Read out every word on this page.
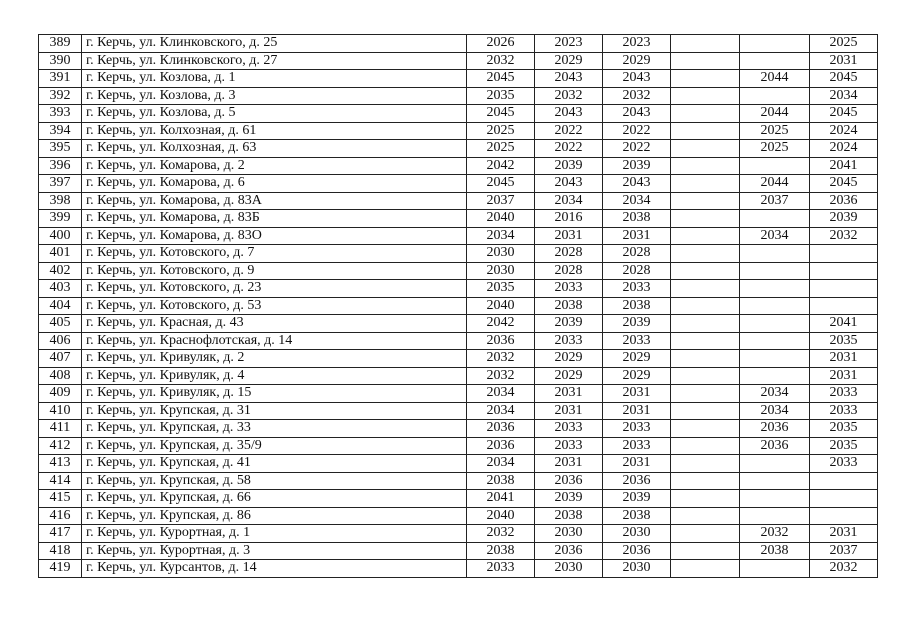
389	г. Керчь, ул. Клинковского, д. 25	2026	2023	2023			2025
390	г. Керчь, ул. Клинковского, д. 27	2032	2029	2029			2031
391	г. Керчь, ул. Козлова, д. 1	2045	2043	2043		2044	2045
392	г. Керчь, ул. Козлова, д. 3	2035	2032	2032			2034
393	г. Керчь, ул. Козлова, д. 5	2045	2043	2043		2044	2045
394	г. Керчь, ул. Колхозная, д. 61	2025	2022	2022		2025	2024
395	г. Керчь, ул. Колхозная, д. 63	2025	2022	2022		2025	2024
396	г. Керчь, ул. Комарова, д. 2	2042	2039	2039			2041
397	г. Керчь, ул. Комарова, д. 6	2045	2043	2043		2044	2045
398	г. Керчь, ул. Комарова, д. 83А	2037	2034	2034		2037	2036
399	г. Керчь, ул. Комарова, д. 83Б	2040	2016	2038			2039
400	г. Керчь, ул. Комарова, д. 83О	2034	2031	2031		2034	2032
401	г. Керчь, ул. Котовского, д. 7	2030	2028	2028			
402	г. Керчь, ул. Котовского, д. 9	2030	2028	2028			
403	г. Керчь, ул. Котовского, д. 23	2035	2033	2033			
404	г. Керчь, ул. Котовского, д. 53	2040	2038	2038			
405	г. Керчь, ул. Красная, д. 43	2042	2039	2039			2041
406	г. Керчь, ул. Краснофлотская, д. 14	2036	2033	2033			2035
407	г. Керчь, ул. Кривуляк, д. 2	2032	2029	2029			2031
408	г. Керчь, ул. Кривуляк, д. 4	2032	2029	2029			2031
409	г. Керчь, ул. Кривуляк, д. 15	2034	2031	2031		2034	2033
410	г. Керчь, ул. Крупская, д. 31	2034	2031	2031		2034	2033
411	г. Керчь, ул. Крупская, д. 33	2036	2033	2033		2036	2035
412	г. Керчь, ул. Крупская, д. 35/9	2036	2033	2033		2036	2035
413	г. Керчь, ул. Крупская, д. 41	2034	2031	2031			2033
414	г. Керчь, ул. Крупская, д. 58	2038	2036	2036			
415	г. Керчь, ул. Крупская, д. 66	2041	2039	2039			
416	г. Керчь, ул. Крупская, д. 86	2040	2038	2038			
417	г. Керчь, ул. Курортная, д. 1	2032	2030	2030		2032	2031
418	г. Керчь, ул. Курортная, д. 3	2038	2036	2036		2038	2037
419	г. Керчь, ул. Курсантов, д. 14	2033	2030	2030			2032
